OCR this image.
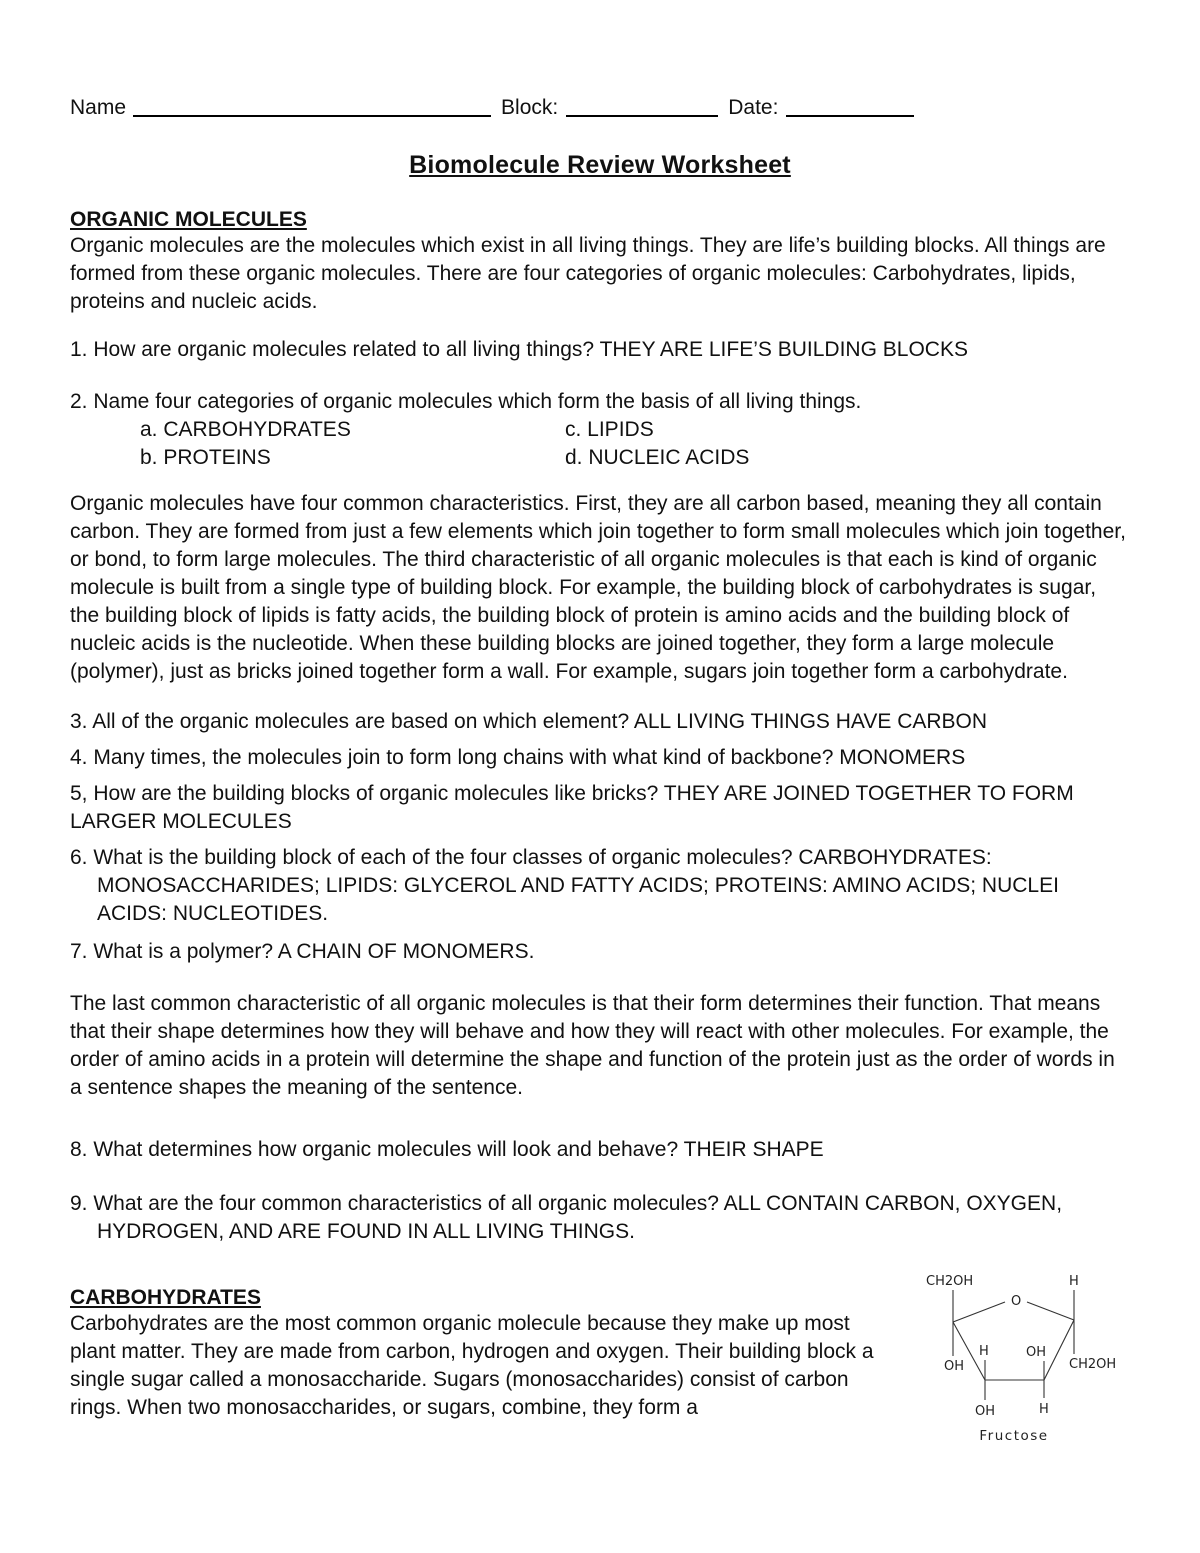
Name	Block:	Date:
Biomolecule Review Worksheet
ORGANIC MOLECULES
Organic molecules are the molecules which exist in all living things. They are life’s building blocks. All things are formed from these organic molecules. There are four categories of organic molecules: Carbohydrates, lipids, proteins and nucleic acids.
1. How are organic molecules related to all living things? THEY ARE LIFE’S BUILDING BLOCKS
2. Name four categories of organic molecules which form the basis of all living things.
a. CARBOHYDRATES	c. LIPIDS
b. PROTEINS	d. NUCLEIC ACIDS
Organic molecules have four common characteristics. First, they are all carbon based, meaning they all contain carbon. They are formed from just a few elements which join together to form small molecules which join together, or bond, to form large molecules. The third characteristic of all organic molecules is that each is kind of organic molecule is built from a single type of building block. For example, the building block of carbohydrates is sugar, the building block of lipids is fatty acids, the building block of protein is amino acids and the building block of nucleic acids is the nucleotide. When these building blocks are joined together, they form a large molecule (polymer), just as bricks joined together form a wall. For example, sugars join together form a carbohydrate.
3. All of the organic molecules are based on which element? ALL LIVING THINGS HAVE CARBON
4. Many times, the molecules join to form long chains with what kind of backbone? MONOMERS
5, How are the building blocks of organic molecules like bricks? THEY ARE JOINED TOGETHER TO FORM LARGER MOLECULES
6. What is the building block of each of the four classes of organic molecules? CARBOHYDRATES: MONOSACCHARIDES; LIPIDS: GLYCEROL AND FATTY ACIDS; PROTEINS: AMINO ACIDS; NUCLEI ACIDS: NUCLEOTIDES.
7. What is a polymer? A CHAIN OF MONOMERS.
The last common characteristic of all organic molecules is that their form determines their function. That means that their shape determines how they will behave and how they will react with other molecules. For example, the order of amino acids in a protein will determine the shape and function of the protein just as the order of words in a sentence shapes the meaning of the sentence.
8. What determines how organic molecules will look and behave? THEIR SHAPE
9. What are the four common characteristics of all organic molecules? ALL CONTAIN CARBON, OXYGEN, HYDROGEN, AND ARE FOUND IN ALL LIVING THINGS.
CARBOHYDRATES
Carbohydrates are the most common organic molecule because they make up most plant matter. They are made from carbon, hydrogen and oxygen. Their building block a single sugar called a monosaccharide. Sugars (monosaccharides) consist of carbon rings. When two monosaccharides, or sugars, combine, they form a
CH2OH	H
O
OH
H	OH
CH2OH
OH	H
Fructose
